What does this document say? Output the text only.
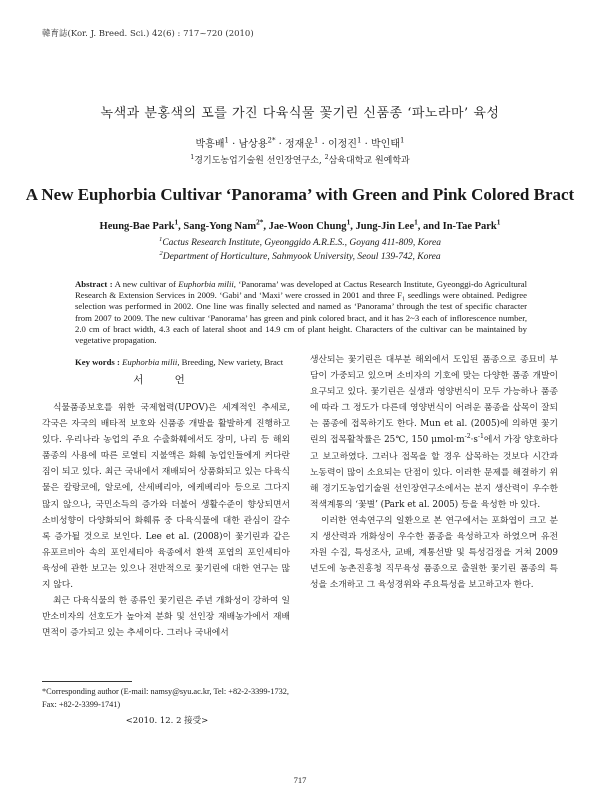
韓育誌(Kor. J. Breed. Sci.) 42(6) : 717~720 (2010)
녹색과 분홍색의 포를 가진 다육식물 꽃기린 신품종 ‘파노라마’ 육성
박흥배$^1$ · 남상용$^{2*}$ · 정재운$^1$ · 이정진$^1$ · 박인태$^1$
$^1$경기도농업기술원 선인장연구소, $^2$삼육대학교 원예학과
A New Euphorbia Cultivar ‘Panorama’ with Green and Pink Colored Bract
Heung-Bae Park$^1$, Sang-Yong Nam$^{2*}$, Jae-Woon Chung$^1$, Jung-Jin Lee$^1$, and In-Tae Park$^1$
$^1$Cactus Research Institute, Gyeonggido A.R.E.S., Goyang 411-809, Korea
$^2$Department of Horticulture, Sahmyook University, Seoul 139-742, Korea
Abstract : A new cultivar of Euphorbia milii, ‘Panorama’ was developed at Cactus Research Institute, Gyeonggi-do Agricultural Research & Extension Services in 2009. ‘Gabi’ and ‘Maxi’ were crossed in 2001 and three $F_1$ seedlings were obtained. Pedigree selection was performed in 2002. One line was finally selected and named as ‘Panorama’ through the test of specific character from 2007 to 2009. The new cultivar ‘Panorama’ has green and pink colored bract, and it has 2~3 each of inflorescence number, 2.0 cm of bract width, 4.3 each of lateral shoot and 14.9 cm of plant height. Characters of the cultivar can be maintained by vegetative propagation.
Key words : Euphorbia milii, Breeding, New variety, Bract
서 언

식물품종보호를 위한 국제협력(UPOV)은 세계적인 추세로, 각국은 자국의 배타적 보호와 신품종 개발을 활발하게 진행하고 있다. 우리나라 농업의 주요 수출화훼에서도 장미, 나리 등 해외품종의 사용에 따른 로열티 지불액은 화훼 농업인들에게 커다란 짐이 되고 있다. 최근 국내에서 재배되어 상품화되고 있는 다육식물은 칼랑코에, 알로에, 산세베리아, 에케베리아 등으로 그다지 많지 않으나, 국민소득의 증가와 더불어 생활수준이 향상되면서 소비성향이 다양화되어 화훼류 중 다육식물에 대한 관심이 갈수록 증가될 것으로 보인다. Lee et al. (2008)이 꽃기린과 같은 유포르비아 속의 포인세티아 육종에서 환색 포엽의 포인세티아 육성에 관한 보고는 있으나 전반적으로 꽃기린에 대한 연구는 많지 않다.

최근 다육식물의 한 종류인 꽃기린은 주년 개화성이 강하여 일반소비자의 선호도가 높아져 분화 및 선인장 재배농가에서 재배면적이 증가되고 있는 추세이다. 그러나 국내에서

생산되는 꽃기린은 대부분 해외에서 도입된 품종으로 종묘비 부담이 가중되고 있으며 소비자의 기호에 맞는 다양한 품종 개발이 요구되고 있다. 꽃기린은 실생과 영양번식이 모두 가능하나 품종에 따라 그 정도가 다른데 영양번식이 어려운 품종을 삽목이 잘되는 품종에 접목하기도 한다. Mun et al. (2005)에 의하면 꽃기린의 접목활착률은 25℃, 150 $\mu mol\cdot m^{-2}\cdot s^{-1}$에서 가장 양호하다고 보고하였다. 그러나 접목을 할 경우 삽목하는 것보다 시간과 노동력이 많이 소요되는 단점이 있다. 이러한 문제를 해결하기 위해 경기도농업기술원 선인장연구소에서는 분지 생산력이 우수한 적색계통의 ‘꽃별’ (Park et al. 2005) 등을 육성한 바 있다.

이러한 연속연구의 일환으로 본 연구에서는 포화엽이 크고 분지 생산력과 개화성이 우수한 품종을 육성하고자 하였으며 유전자원 수집, 특성조사, 교배, 계통선발 및 특성검정을 거쳐 2009년도에 농촌진흥청 직무육성 품종으로 출원한 꽃기린 품종의 특성을 소개하고 그 육성경위와 주요특성을 보고하고자 한다.

*Corresponding author (E-mail: namsy@syu.ac.kr, Tel: +82-2-3399-1732, Fax: +82-2-3399-1741)
<2010. 12. 2 接受>
717
